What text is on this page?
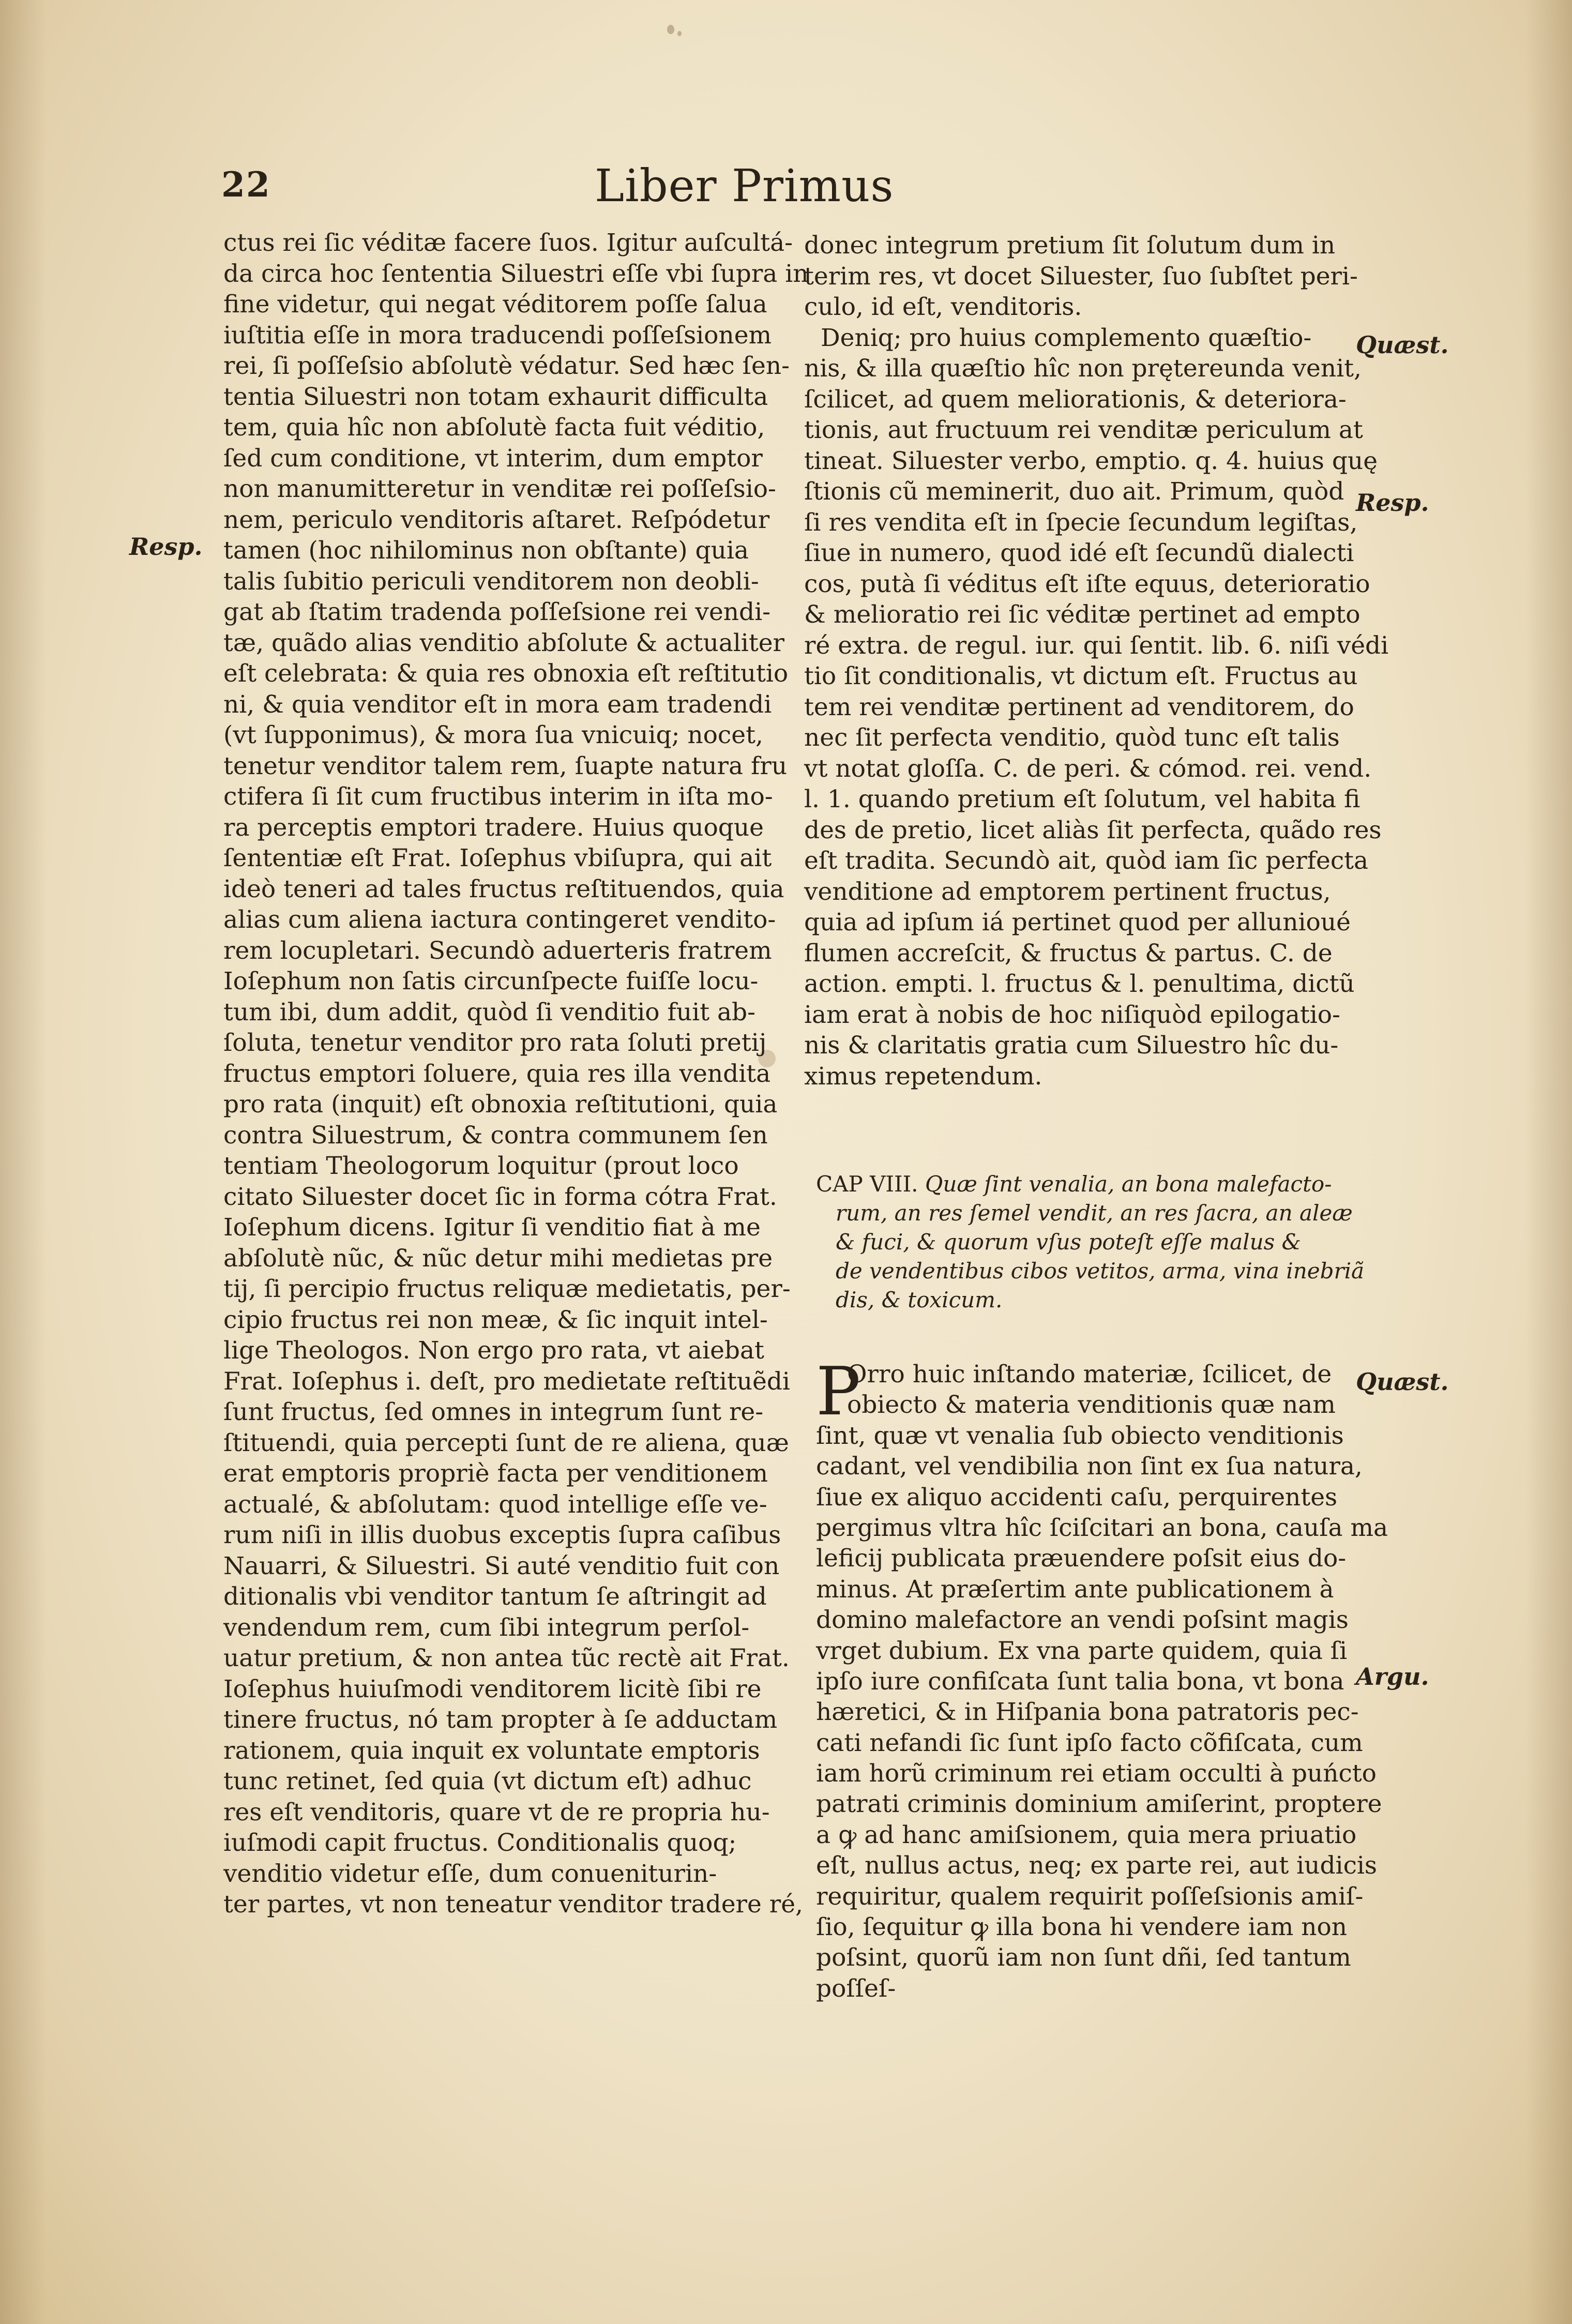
22	Liber Primus
Resp.
Quæst.
Resp.
Quæst.
Argu.
ctus rei ſic véditæ facere ſuos. Igitur auſcultá-
da circa hoc ſententia Siluestri eſſe vbi ſupra in
fine videtur, qui negat véditorem poſſe ſalua
iuſtitia eſſe in mora traducendi poſſeſsionem
rei, ſi poſſeſsio abſolutè védatur. Sed hæc ſen-
tentia Siluestri non totam exhaurit difficulta
tem, quia hîc non abſolutè facta fuit véditio,
ſed cum conditione, vt interim, dum emptor
non manumitteretur in venditæ rei poſſeſsio-
nem, periculo venditoris aſtaret. Reſpódetur
tamen (hoc nihilominus non obſtante) quia
talis ſubitio periculi venditorem non deobli-
gat ab ſtatim tradenda poſſeſsione rei vendi-
tæ, quãdo alias venditio abſolute & actualiter
eſt celebrata: & quia res obnoxia eſt reſtitutio
ni, & quia venditor eſt in mora eam tradendi
(vt ſupponimus), & mora ſua vnicuiq; nocet,
tenetur venditor talem rem, ſuapte natura fru
ctifera ſi ſit cum fructibus interim in iſta mo-
ra perceptis emptori tradere. Huius quoque
ſententiæ eſt Frat. Ioſephus vbiſupra, qui ait
ideò teneri ad tales fructus reſtituendos, quia
alias cum aliena iactura contingeret vendito-
rem locupletari. Secundò aduerteris fratrem
Ioſephum non ſatis circunſpecte fuiſſe locu-
tum ibi, dum addit, quòd ſi venditio fuit ab-
ſoluta, tenetur venditor pro rata ſoluti pretij
fructus emptori ſoluere, quia res illa vendita
pro rata (inquit) eſt obnoxia reſtitutioni, quia
contra Siluestrum, & contra communem ſen
tentiam Theologorum loquitur (prout loco
citato Siluester docet ſic in forma cótra Frat.
Ioſephum dicens. Igitur ſi venditio fiat à me
abſolutè nũc, & nũc detur mihi medietas pre
tij, ſi percipio fructus reliquæ medietatis, per-
cipio fructus rei non meæ, & ſic inquit intel-
lige Theologos. Non ergo pro rata, vt aiebat
Frat. Ioſephus i. deſt, pro medietate reſtituẽdi
ſunt fructus, ſed omnes in integrum ſunt re-
ſtituendi, quia percepti ſunt de re aliena, quæ
erat emptoris propriè facta per venditionem
actualé, & abſolutam: quod intellige eſſe ve-
rum niſi in illis duobus exceptis ſupra caſibus
Nauarri, & Siluestri. Si auté venditio fuit con
ditionalis vbi venditor tantum ſe aſtringit ad
vendendum rem, cum ſibi integrum perſol-
uatur pretium, & non antea tũc rectè ait Frat.
Ioſephus huiuſmodi venditorem licitè ſibi re
tinere fructus, nó tam propter à ſe adductam
rationem, quia inquit ex voluntate emptoris
tunc retinet, ſed quia (vt dictum eſt) adhuc
res eſt venditoris, quare vt de re propria hu-
iuſmodi capit fructus. Conditionalis quoq;
venditio videtur eſſe, dum conueniturin-
ter partes, vt non teneatur venditor tradere ré,
donec integrum pretium ſit ſolutum dum in
terim res, vt docet Siluester, ſuo ſubſtet peri-
culo, id eſt, venditoris.
Deniq; pro huius complemento quæſtio-
nis, & illa quæſtio hîc non prętereunda venit,
ſcilicet, ad quem meliorationis, & deteriora-
tionis, aut fructuum rei venditæ periculum at
tineat. Siluester verbo, emptio. q. 4. huius quę
ſtionis cũ meminerit, duo ait. Primum, quòd
ſi res vendita eſt in ſpecie ſecundum legiſtas,
ſiue in numero, quod idé eſt ſecundũ dialecti
cos, putà ſi véditus eſt iſte equus, deterioratio
& melioratio rei ſic véditæ pertinet ad empto
ré extra. de regul. iur. qui ſentit. lib. 6. niſi védi
tio ſit conditionalis, vt dictum eſt. Fructus au
tem rei venditæ pertinent ad venditorem, do
nec ſit perfecta venditio, quòd tunc eſt talis
vt notat gloſſa. C. de peri. & cómod. rei. vend.
l. 1. quando pretium eſt ſolutum, vel habita fi
des de pretio, licet aliàs ſit perfecta, quãdo res
eſt tradita. Secundò ait, quòd iam ſic perfecta
venditione ad emptorem pertinent fructus,
quia ad ipſum iá pertinet quod per allunioué
flumen accreſcit, & fructus & partus. C. de
action. empti. l. fructus & l. penultima, dictũ
iam erat à nobis de hoc niſiquòd epilogatio-
nis & claritatis gratia cum Siluestro hîc du-
ximus repetendum.
CAP VIII. Quæ ſint venalia, an bona malefacto-
rum, an res ſemel vendit, an res ſacra, an aleæ
& fuci, & quorum vſus poteſt eſſe malus &
de vendentibus cibos vetitos, arma, vina inebriã
dis, & toxicum.
P
Orro huic inſtando materiæ, ſcilicet, de
obiecto & materia venditionis quæ nam
ſint, quæ vt venalia ſub obiecto venditionis
cadant, vel vendibilia non ſint ex ſua natura,
ſiue ex aliquo accidenti caſu, perquirentes
pergimus vltra hîc ſciſcitari an bona, cauſa ma
leficij publicata præuendere poſsit eius do-
minus. At præſertim ante publicationem à
domino malefactore an vendi poſsint magis
vrget dubium. Ex vna parte quidem, quia ſi
ipſo iure confiſcata ſunt talia bona, vt bona
hæretici, & in Hiſpania bona patratoris pec-
cati nefandi ſic ſunt ipſo facto cõfiſcata, cum
iam horũ criminum rei etiam occulti à puńcto
patrati criminis dominium amiſerint, proptere
a ꝙ ad hanc amiſsionem, quia mera priuatio
eſt, nullus actus, neq; ex parte rei, aut iudicis
requiritur, qualem requirit poſſeſsionis amiſ-
ſio, ſequitur ꝙ illa bona hi vendere iam non
poſsint, quorũ iam non ſunt dñi, ſed tantum
poſſeſ-
